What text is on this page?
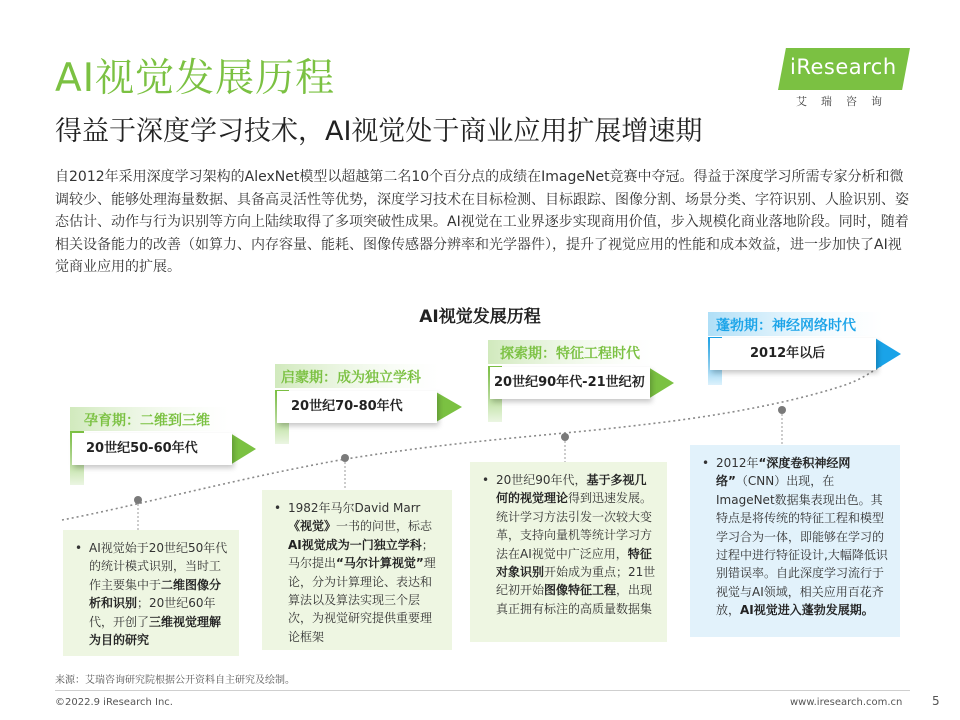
AI视觉发展历程
得益于深度学习技术，AI视觉处于商业应用扩展增速期
iResearch
艾瑞咨询
自2012年采用深度学习架构的AlexNet模型以超越第二名10个百分点的成绩在ImageNet竞赛中夺冠。得益于深度学习所需专家分析和微调较少、能够处理海量数据、具备高灵活性等优势，深度学习技术在目标检测、目标跟踪、图像分割、场景分类、字符识别、人脸识别、姿态估计、动作与行为识别等方向上陆续取得了多项突破性成果。AI视觉在工业界逐步实现商用价值，步入规模化商业落地阶段。同时，随着相关设备能力的改善（如算力、内存容量、能耗、图像传感器分辨率和光学器件），提升了视觉应用的性能和成本效益，进一步加快了AI视觉商业应用的扩展。
AI视觉发展历程
孕育期：二维到三维
启蒙期：成为独立学科
探索期：特征工程时代
蓬勃期：神经网络时代
20世纪50-60年代
20世纪70-80年代
20世纪90年代-21世纪初
2012年以后
• AI视觉始于20世纪50年代的统计模式识别，当时工作主要集中于二维图像分析和识别；20世纪60年代，开创了三维视觉理解为目的研究
• 1982年马尔David Marr《视觉》一书的问世，标志AI视觉成为一门独立学科；马尔提出“马尔计算视觉”理论，分为计算理论、表达和算法以及算法实现三个层次，为视觉研究提供重要理论框架
• 20世纪90年代，基于多视几何的视觉理论得到迅速发展。统计学习方法引发一次较大变革，支持向量机等统计学习方法在AI视觉中广泛应用，特征对象识别开始成为重点；21世纪初开始图像特征工程，出现真正拥有标注的高质量数据集
• 2012年“深度卷积神经网络”（CNN）出现，在ImageNet数据集表现出色。其特点是将传统的特征工程和模型学习合为一体，即能够在学习的过程中进行特征设计,大幅降低识别错误率。自此深度学习流行于视觉与AI领域，相关应用百花齐放，AI视觉进入蓬勃发展期。
来源：艾瑞咨询研究院根据公开资料自主研究及绘制。
©2022.9 iResearch Inc.	www.iresearch.com.cn 5
